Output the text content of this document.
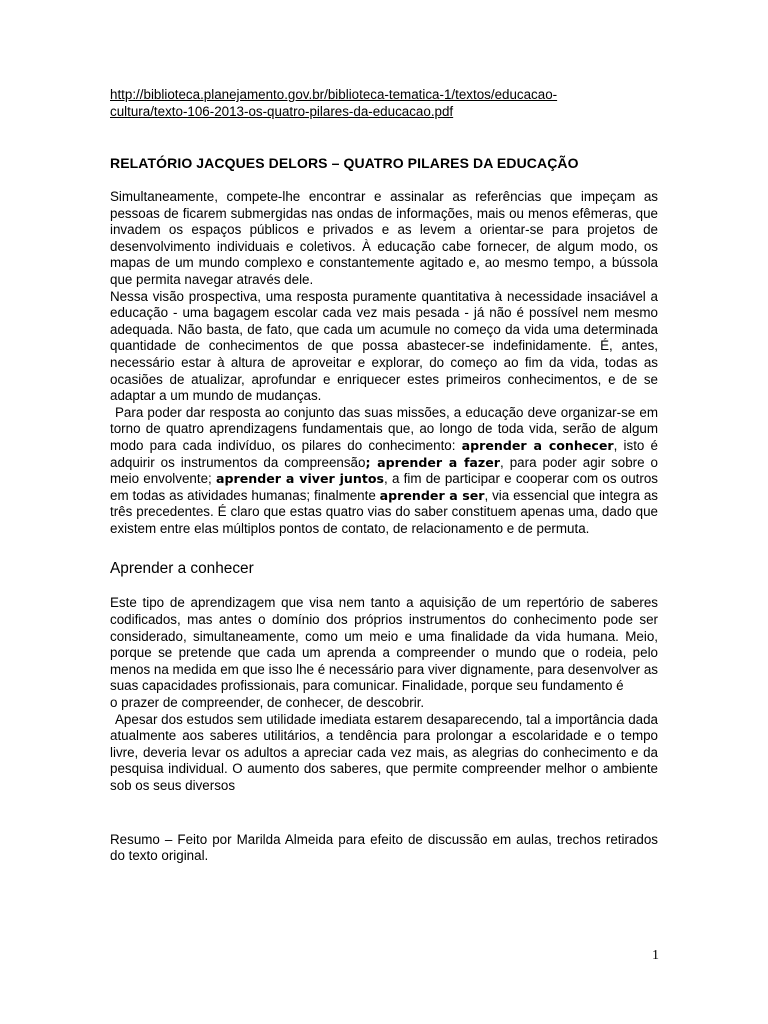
http://biblioteca.planejamento.gov.br/biblioteca-tematica-1/textos/educacao-
cultura/texto-106-2013-os-quatro-pilares-da-educacao.pdf
RELATÓRIO JACQUES DELORS – QUATRO PILARES DA EDUCAÇÃO

Simultaneamente, compete-lhe encontrar e assinalar as referências que impeçam as pessoas de ficarem submergidas nas ondas de informações, mais ou menos efêmeras, que invadem os espaços públicos e privados e as levem a orientar-se para projetos de desenvolvimento individuais e coletivos. À educação cabe fornecer, de algum modo, os mapas de um mundo complexo e constantemente agitado e, ao mesmo tempo, a bússola que permita navegar através dele.

Nessa visão prospectiva, uma resposta puramente quantitativa à necessidade insaciável a educação - uma bagagem escolar cada vez mais pesada - já não é possível nem mesmo adequada. Não basta, de fato, que cada um acumule no começo da vida uma determinada quantidade de conhecimentos de que possa abastecer-se indefinidamente. É, antes, necessário estar à altura de aproveitar e explorar, do começo ao fim da vida, todas as ocasiões de atualizar, aprofundar e enriquecer estes primeiros conhecimentos, e de se adaptar a um mundo de mudanças.

Para poder dar resposta ao conjunto das suas missões, a educação deve organizar-se em torno de quatro aprendizagens fundamentais que, ao longo de toda vida, serão de algum modo para cada indivíduo, os pilares do conhecimento: aprender a conhecer, isto é adquirir os instrumentos da compreensão; aprender a fazer, para poder agir sobre o meio envolvente; aprender a viver juntos, a fim de participar e cooperar com os outros em todas as atividades humanas; finalmente aprender a ser, via essencial que integra as três precedentes. É claro que estas quatro vias do saber constituem apenas uma, dado que existem entre elas múltiplos pontos de contato, de relacionamento e de permuta.

Aprender a conhecer

Este tipo de aprendizagem que visa nem tanto a aquisição de um repertório de saberes codificados, mas antes o domínio dos próprios instrumentos do conhecimento pode ser considerado, simultaneamente, como um meio e uma finalidade da vida humana. Meio, porque se pretende que cada um aprenda a compreender o mundo que o rodeia, pelo menos na medida em que isso lhe é necessário para viver dignamente, para desenvolver as suas capacidades profissionais, para comunicar. Finalidade, porque seu fundamento é

o prazer de compreender, de conhecer, de descobrir.

Apesar dos estudos sem utilidade imediata estarem desaparecendo, tal a importância dada atualmente aos saberes utilitários, a tendência para prolongar a escolaridade e o tempo livre, deveria levar os adultos a apreciar cada vez mais, as alegrias do conhecimento e da pesquisa individual. O aumento dos saberes, que permite compreender melhor o ambiente sob os seus diversos

Resumo – Feito por Marilda Almeida para efeito de discussão em aulas, trechos retirados do texto original.

1
